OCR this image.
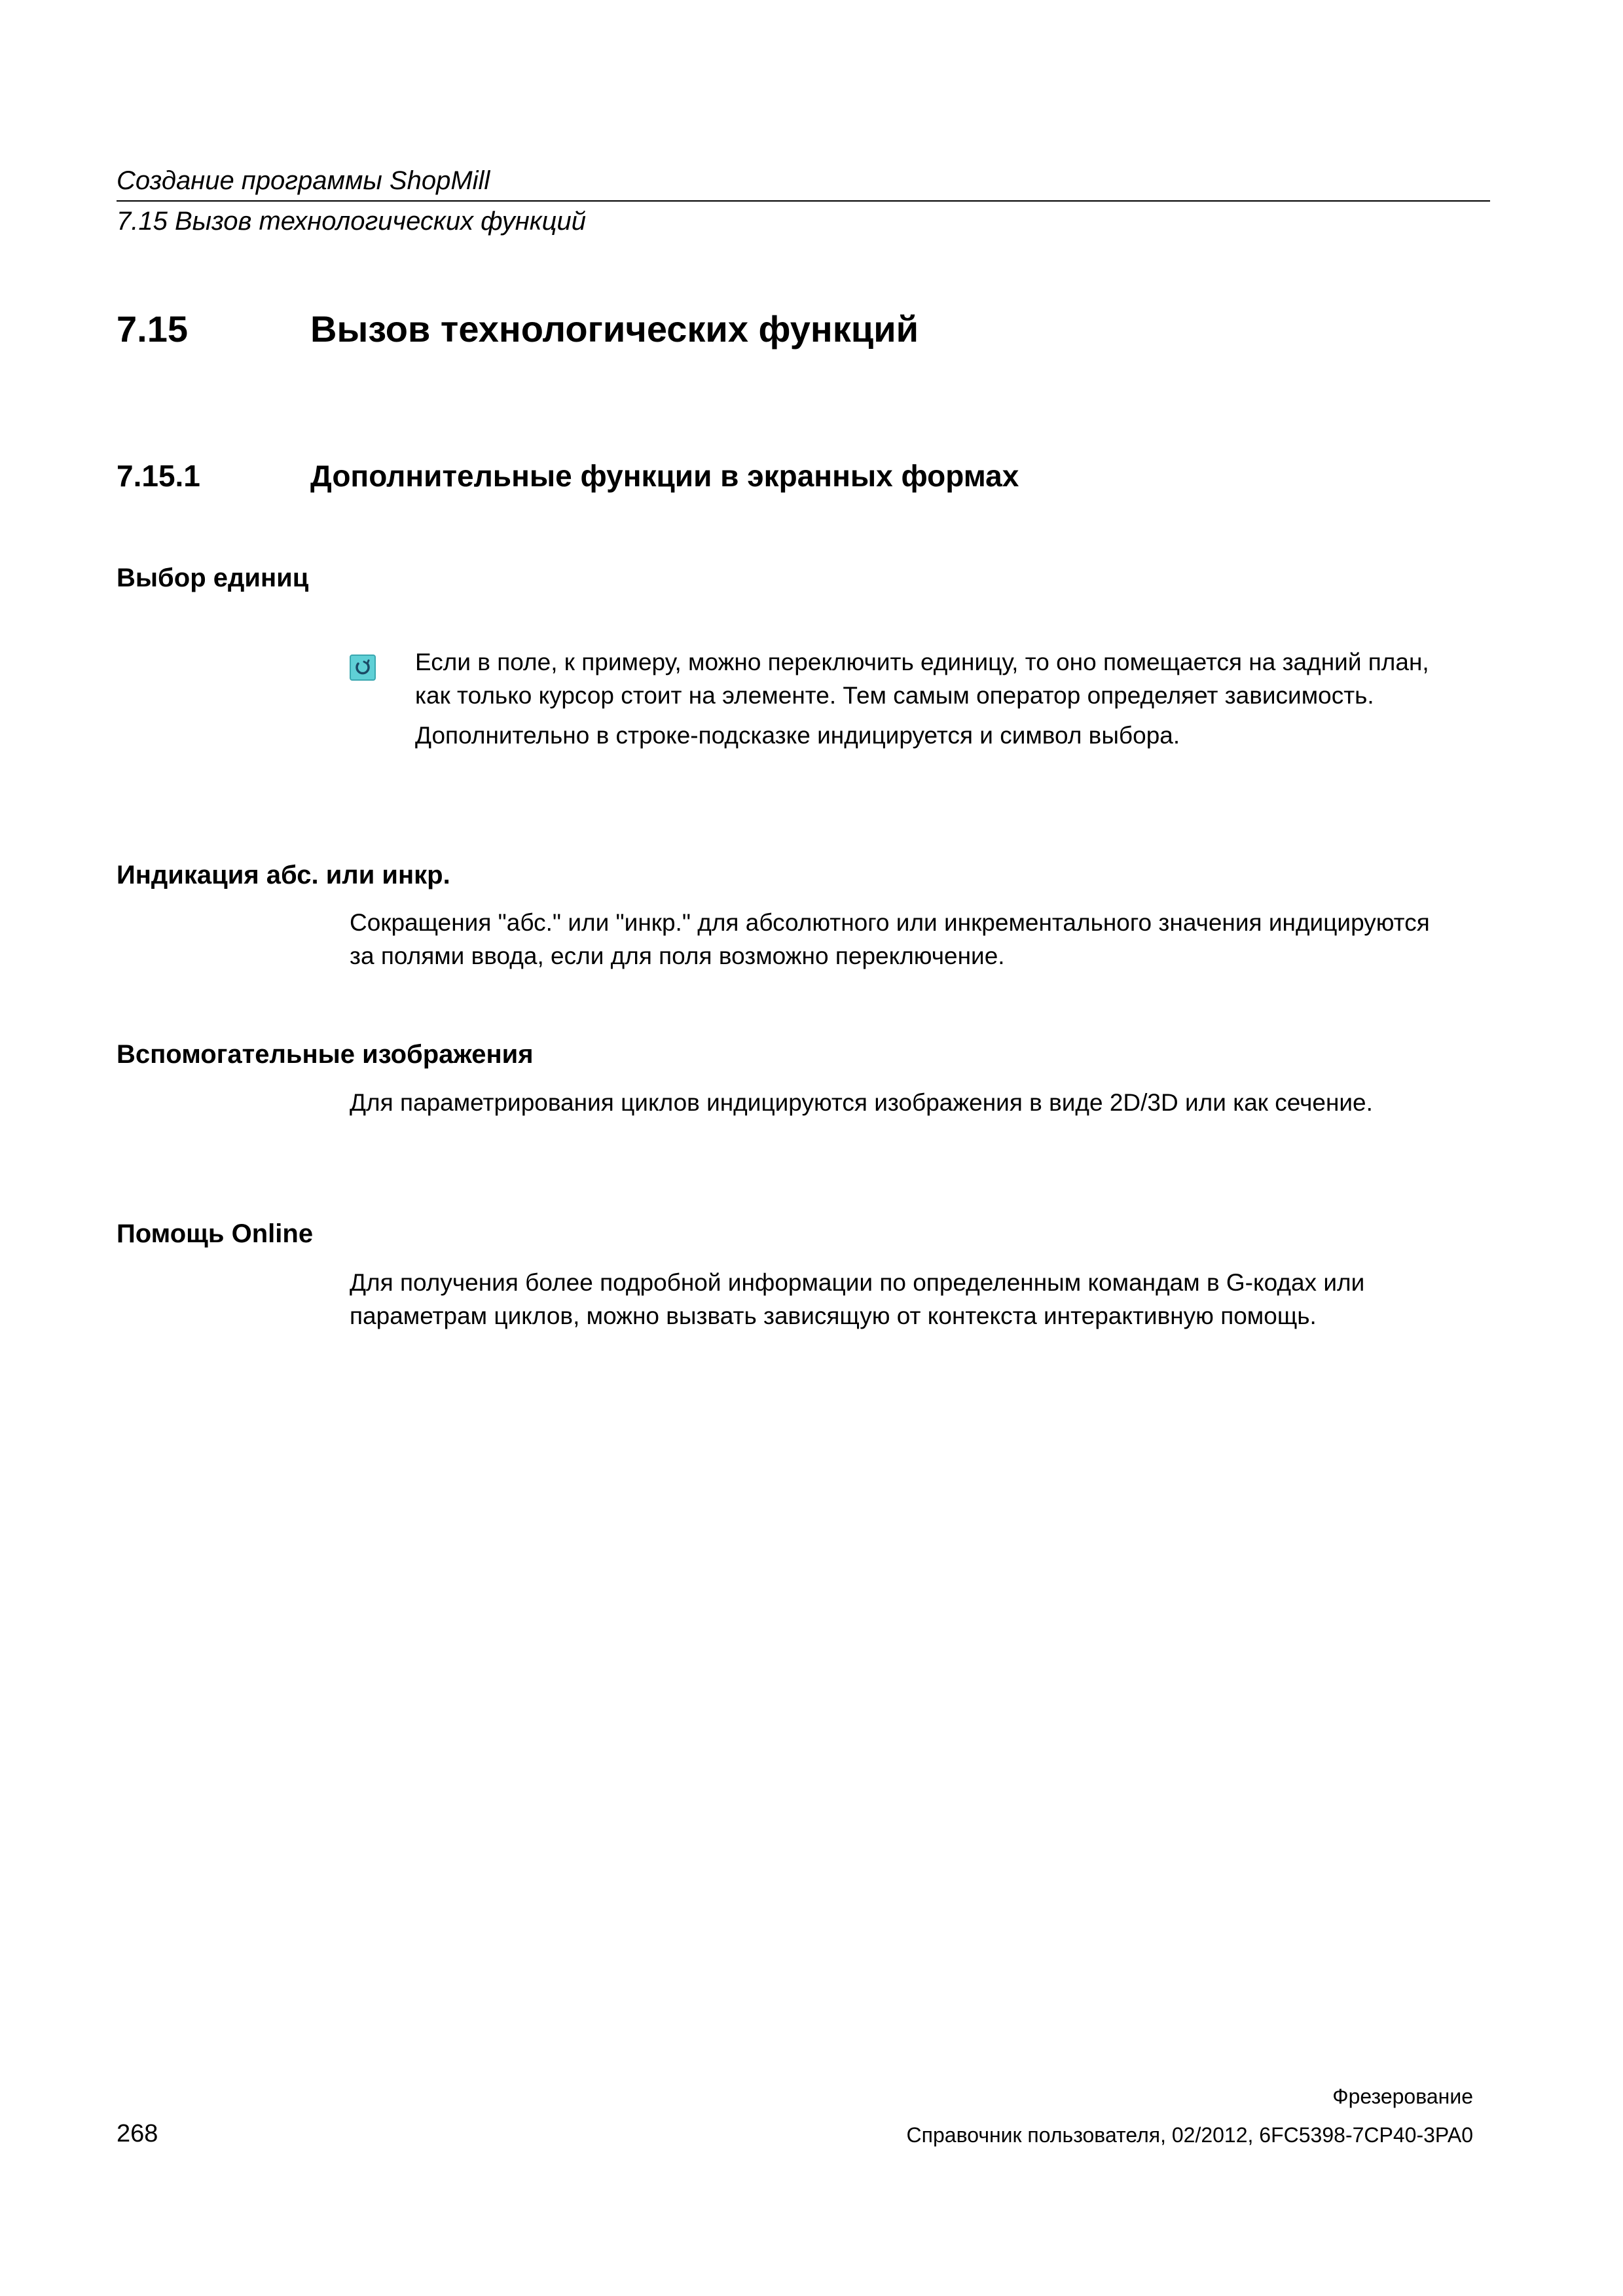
Создание программы ShopMill
7.15 Вызов технологических функций
7.15	Вызов технологических функций
7.15.1	Дополнительные функции в экранных формах
Выбор единиц

Если в поле, к примеру, можно переключить единицу, то оно помещается на задний план, как только курсор стоит на элементе. Тем самым оператор определяет зависимость.

Дополнительно в строке-подсказке индицируется и символ выбора.

Индикация абс. или инкр.

Сокращения "абс." или "инкр." для абсолютного или инкрементального значения индицируются за полями ввода, если для поля возможно переключение.

Вспомогательные изображения

Для параметрирования циклов индицируются изображения в виде 2D/3D или как сечение.

Помощь Online

Для получения более подробной информации по определенным командам в G-кодах или параметрам циклов, можно вызвать зависящую от контекста интерактивную помощь.

Фрезерование
268	Справочник пользователя, 02/2012, 6FC5398-7CP40-3PA0
